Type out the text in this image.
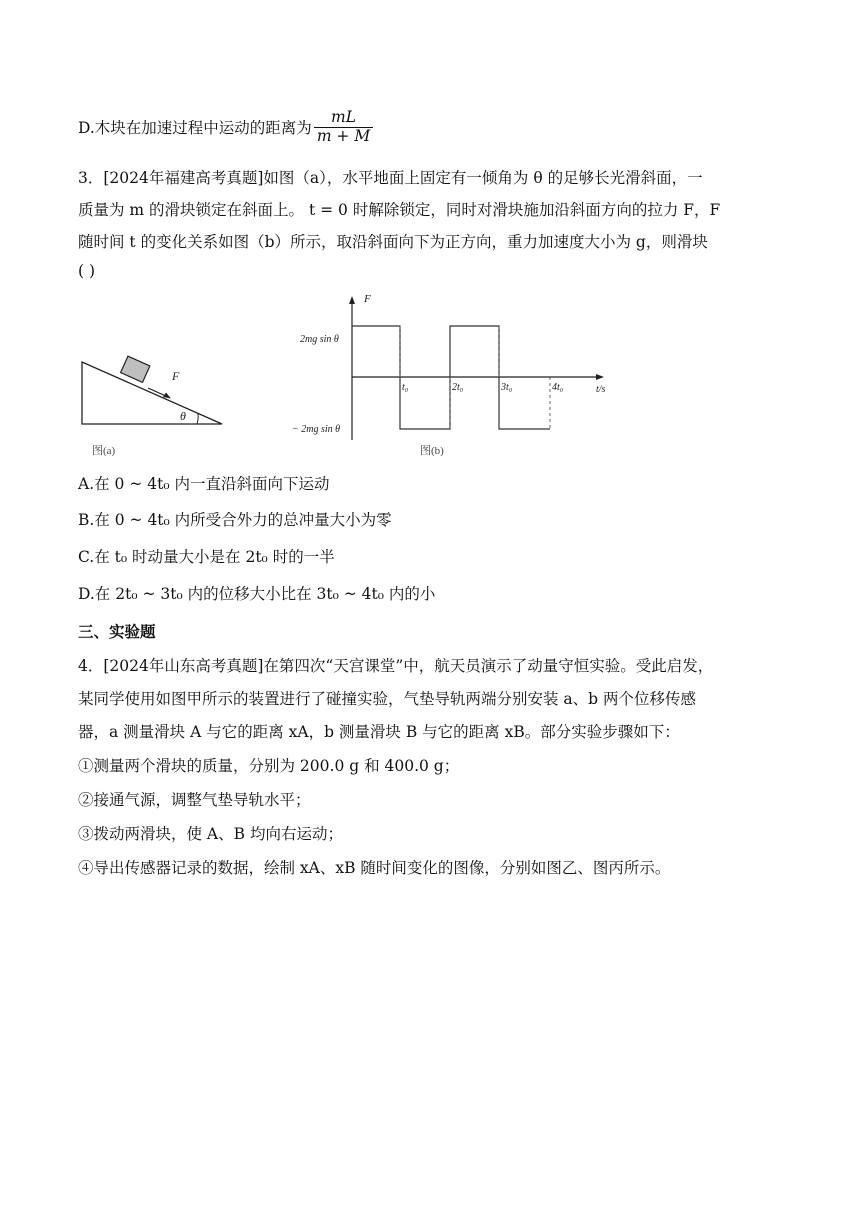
D.木块在加速过程中运动的距离为 $\frac{mL}{m + M}$
3．[2024年福建高考真题]如图（a），水平地面上固定有一倾角为 θ 的足够长光滑斜面，一
质量为 m 的滑块锁定在斜面上。 t = 0 时解除锁定，同时对滑块施加沿斜面方向的拉力 F，F
随时间 t 的变化关系如图（b）所示，取沿斜面向下为正方向，重力加速度大小为 g，则滑块
( )
F
θ
图(a)
F
t/s
2mg sin θ
− 2mg sin θ
t₀	2t₀	3t₀	4t₀
图(b)
A.在 0 ~ 4t₀ 内一直沿斜面向下运动
B.在 0 ~ 4t₀ 内所受合外力的总冲量大小为零
C.在 t₀ 时动量大小是在 2t₀ 时的一半
D.在 2t₀ ~ 3t₀ 内的位移大小比在 3t₀ ~ 4t₀ 内的小
三、实验题
4．[2024年山东高考真题]在第四次“天宫课堂”中，航天员演示了动量守恒实验。受此启发，
某同学使用如图甲所示的装置进行了碰撞实验，气垫导轨两端分别安装 a、b 两个位移传感
器，a 测量滑块 A 与它的距离 xA，b 测量滑块 B 与它的距离 xB。部分实验步骤如下：
①测量两个滑块的质量，分别为 200.0 g 和 400.0 g；
②接通气源，调整气垫导轨水平；
③拨动两滑块，使 A、B 均向右运动；
④导出传感器记录的数据，绘制 xA、xB 随时间变化的图像，分别如图乙、图丙所示。
